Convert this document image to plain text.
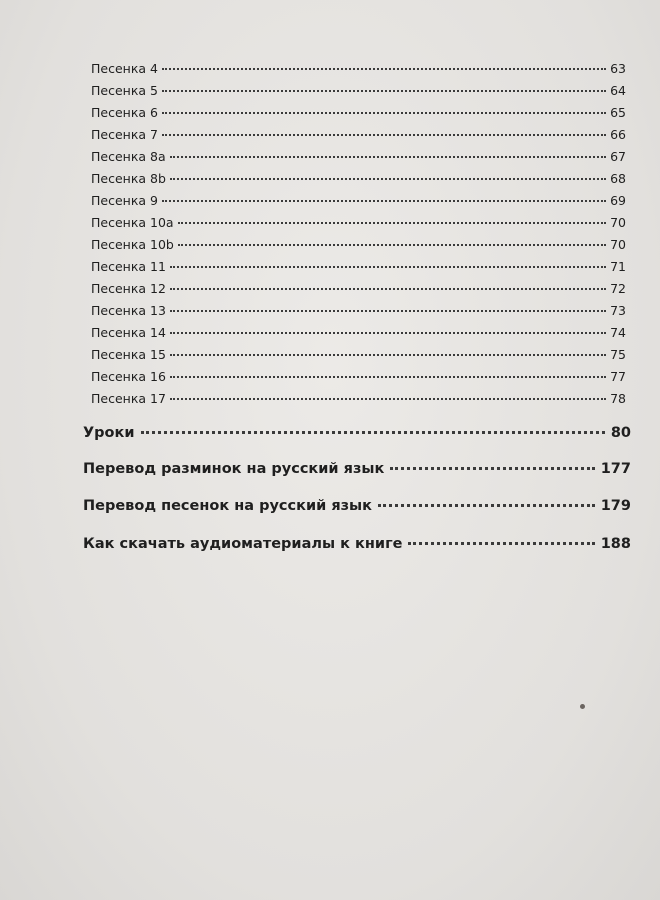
Песенка 4	63
Песенка 5	64
Песенка 6	65
Песенка 7	66
Песенка 8a	67
Песенка 8b	68
Песенка 9	69
Песенка 10a	70
Песенка 10b	70
Песенка 11	71
Песенка 12	72
Песенка 13	73
Песенка 14	74
Песенка 15	75
Песенка 16	77
Песенка 17	78
Уроки	80
Перевод разминок на русский язык	177
Перевод песенок на русский язык	179
Как скачать аудиоматериалы к книге	188
